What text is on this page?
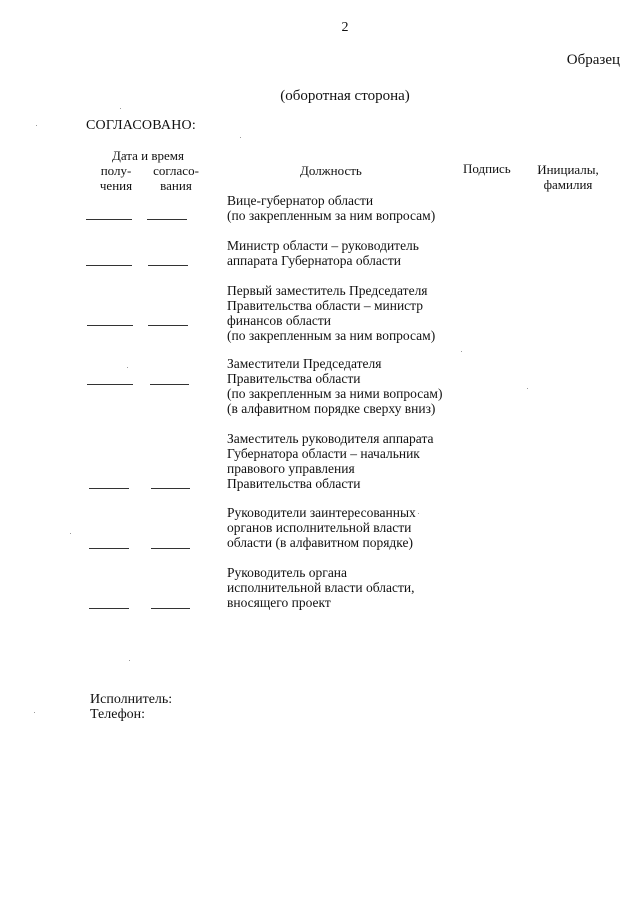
2
Образец
(оборотная сторона)
СОГЛАСОВАНО:
Дата и время
полу-
чения
согласо-
вания
Должность	Подпись	Инициалы,
фамилия
Вице-губернатор области
(по закрепленным за ним вопросам)
Министр области – руководитель
аппарата Губернатора области
Первый заместитель Председателя
Правительства области – министр
финансов области
(по закрепленным за ним вопросам)
Заместители Председателя
Правительства области
(по закрепленным за ними вопросам)
(в алфавитном порядке сверху вниз)
Заместитель руководителя аппарата
Губернатора области – начальник
правового управления
Правительства области
Руководители заинтересованных
органов исполнительной власти
области (в алфавитном порядке)
Руководитель органа
исполнительной власти области,
вносящего проект
Исполнитель:
Телефон:
